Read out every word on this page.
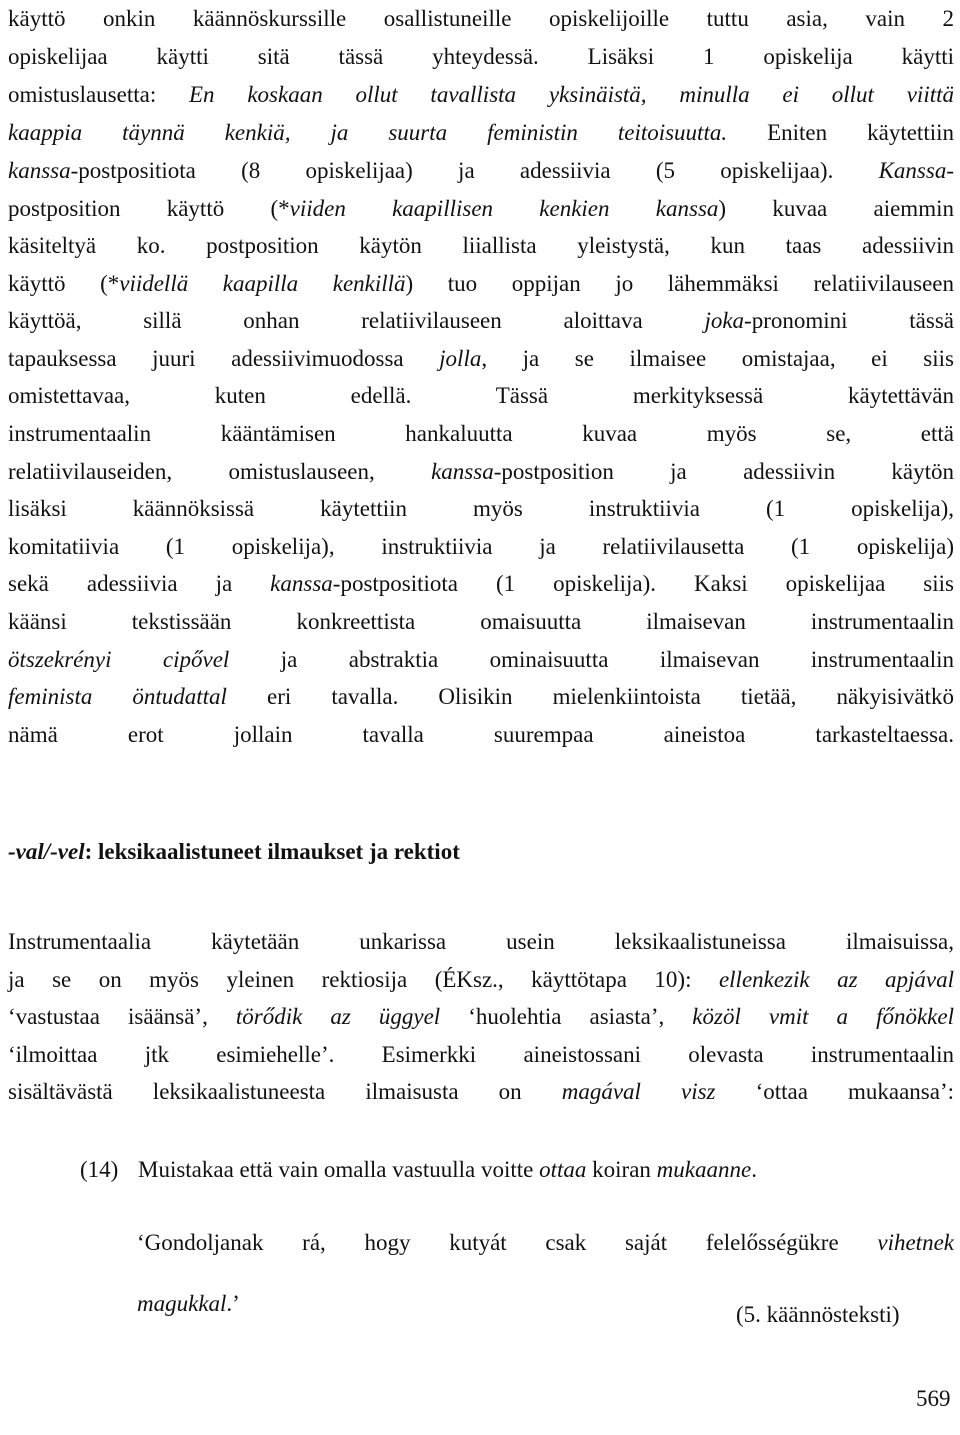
käyttö onkin käännöskurssille osallistuneille opiskelijoille tuttu asia, vain 2

opiskelijaa käytti sitä tässä yhteydessä. Lisäksi 1 opiskelija käytti

omistuslausetta: En koskaan ollut tavallista yksinäistä, minulla ei ollut viittä

kaappia täynnä kenkiä, ja suurta feministin teitoisuutta. Eniten käytettiin

kanssa-postpositiota (8 opiskelijaa) ja adessiivia (5 opiskelijaa). Kanssa-

postposition käyttö (*viiden kaapillisen kenkien kanssa) kuvaa aiemmin

käsiteltyä ko. postposition käytön liiallista yleistystä, kun taas adessiivin

käyttö (*viidellä kaapilla kenkillä) tuo oppijan jo lähemmäksi relatiivilauseen

käyttöä, sillä onhan relatiivilauseen aloittava joka-pronomini tässä

tapauksessa juuri adessiivimuodossa jolla, ja se ilmaisee omistajaa, ei siis

omistettavaa, kuten edellä. Tässä merkityksessä käytettävän

instrumentaalin kääntämisen hankaluutta kuvaa myös se, että

relatiivilauseiden, omistuslauseen, kanssa-postposition ja adessiivin käytön

lisäksi käännöksissä käytettiin myös instruktiivia (1 opiskelija),

komitatiivia (1 opiskelija), instruktiivia ja relatiivilausetta (1 opiskelija)

sekä adessiivia ja kanssa-postpositiota (1 opiskelija). Kaksi opiskelijaa siis

käänsi tekstissään konkreettista omaisuutta ilmaisevan instrumentaalin

ötszekrényi cipővel ja abstraktia ominaisuutta ilmaisevan instrumentaalin

feminista öntudattal eri tavalla. Olisikin mielenkiintoista tietää, näkyisivätkö

nämä erot jollain tavalla suurempaa aineistoa tarkasteltaessa.

-val/-vel: leksikaalistuneet ilmaukset ja rektiot

Instrumentaalia käytetään unkarissa usein leksikaalistuneissa ilmaisuissa,

ja se on myös yleinen rektiosija (ÉKsz., käyttötapa 10): ellenkezik az apjával

‘vastustaa isäänsä’, törődik az üggyel ‘huolehtia asiasta’, közöl vmit a főnökkel

‘ilmoittaa jtk esimiehelle’. Esimerkki aineistossani olevasta instrumentaalin

sisältävästä leksikaalistuneesta ilmaisusta on magával visz ‘ottaa mukaansa’:

(14) Muistakaa että vain omalla vastuulla voitte ottaa koiran mukaanne.

‘Gondoljanak rá, hogy kutyát csak saját felelősségükre vihetnek

magukkal.’	(5. käännösteksti)
569
